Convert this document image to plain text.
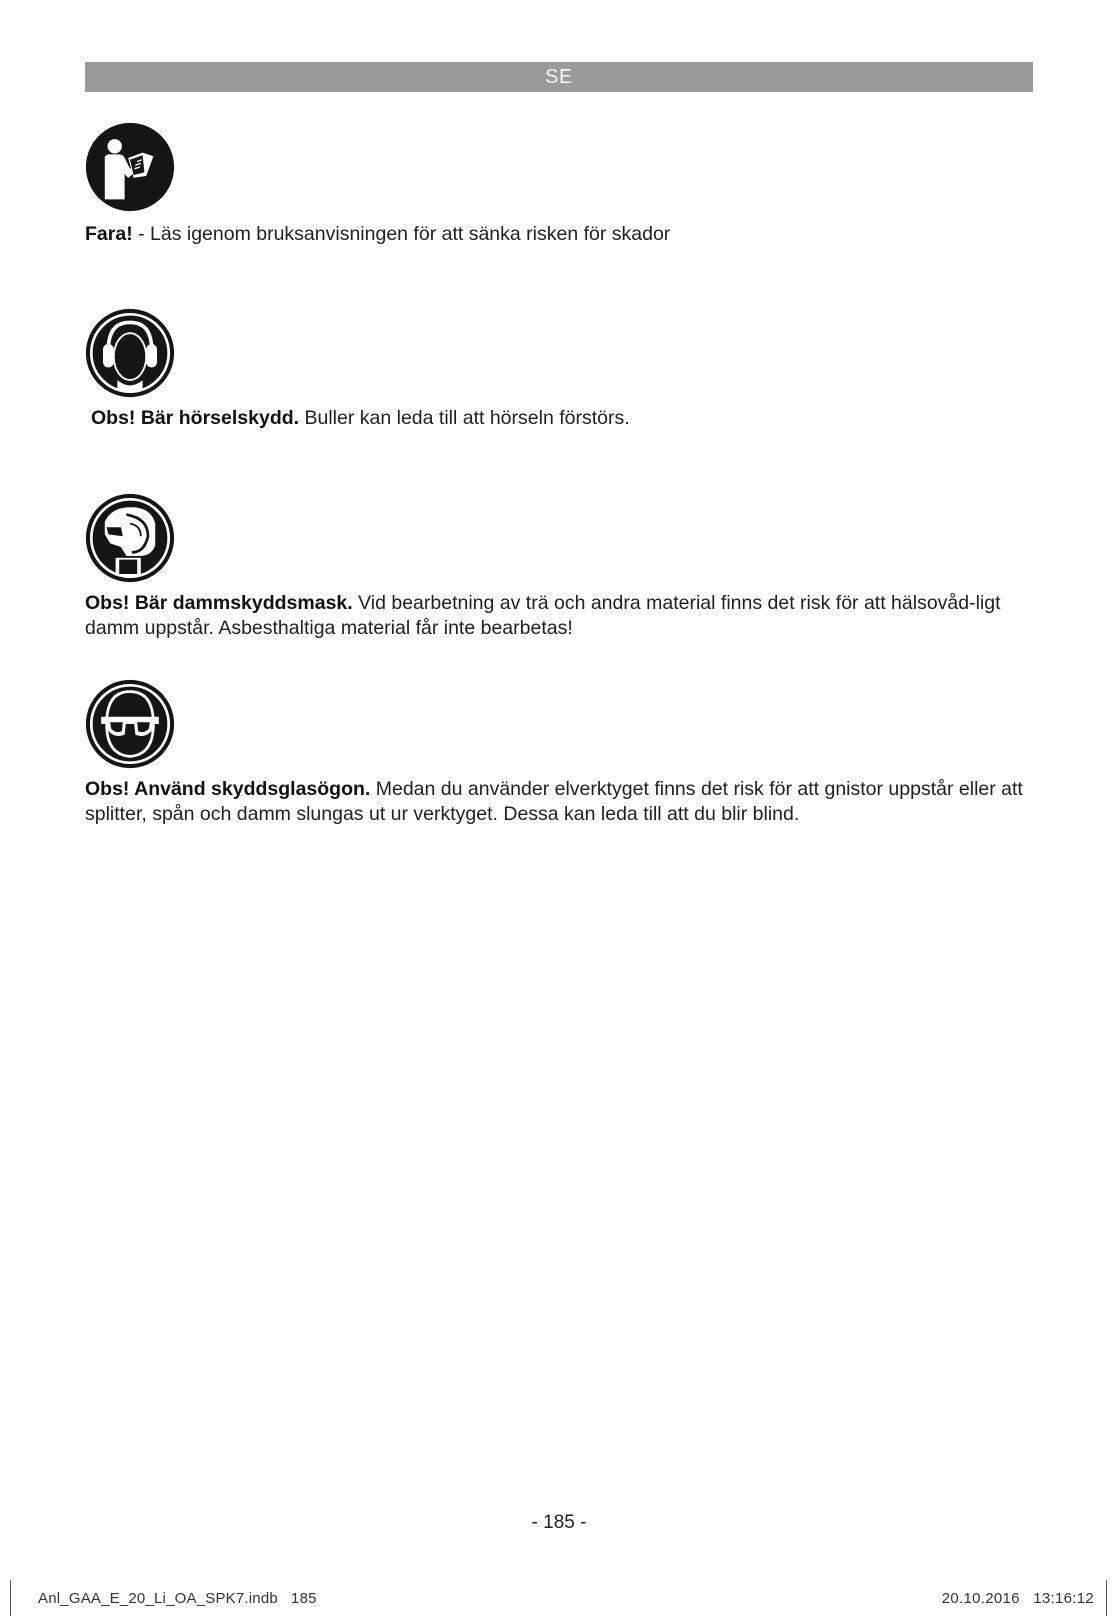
SE
Fara! - Läs igenom bruksanvisningen för att sänka risken för skador
Obs! Bär hörselskydd. Buller kan leda till att hörseln förstörs.
Obs! Bär dammskyddsmask. Vid bearbetning av trä och andra material finns det risk för att hälsovåd-ligt damm uppstår. Asbesthaltiga material får inte bearbetas!
Obs! Använd skyddsglasögon. Medan du använder elverktyget finns det risk för att gnistor uppstår eller att splitter, spån och damm slungas ut ur verktyget. Dessa kan leda till att du blir blind.
- 185 -
Anl_GAA_E_20_Li_OA_SPK7.indb   185	20.10.2016   13:16:12
